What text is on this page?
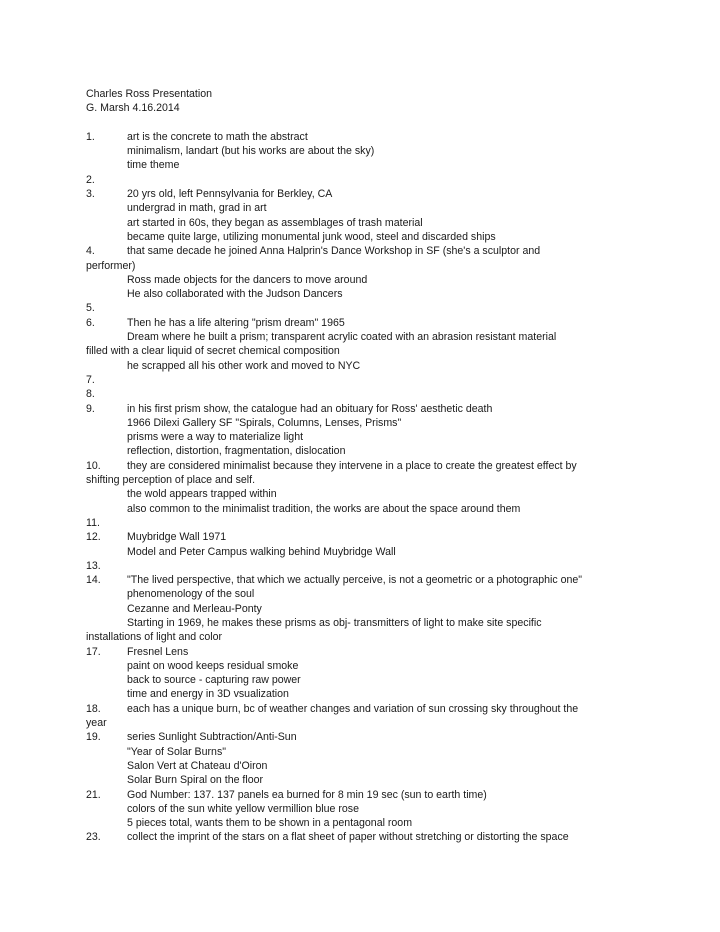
Charles Ross Presentation
G. Marsh 4.16.2014
1.	art is the concrete to math the abstract
minimalism, landart (but his works are about the sky)
time theme
2.
3.	20 yrs old, left Pennsylvania for Berkley, CA
undergrad in math, grad in art
art started in 60s, they began as assemblages of trash material
became quite large, utilizing monumental junk wood, steel and discarded ships
4.	that same decade he joined Anna Halprin's Dance Workshop in SF (she's a sculptor and
performer)
Ross made objects for the dancers to move around
He also collaborated with the Judson Dancers
5.
6.	Then he has a life altering "prism dream" 1965
Dream where he built a prism; transparent acrylic coated with an abrasion resistant material
filled with a clear liquid of secret chemical composition
he scrapped all his other work and moved to NYC
7.
8.
9.	in his first prism show, the catalogue had an obituary for Ross' aesthetic death
1966 Dilexi Gallery SF "Spirals, Columns, Lenses, Prisms"
prisms were a way to materialize light
reflection, distortion, fragmentation, dislocation
10. they are considered minimalist because they intervene in a place to create the greatest effect by
shifting perception of place and self.
the wold appears trapped within
also common to the minimalist tradition, the works are about the space around them
11.
12. Muybridge Wall 1971
Model and Peter Campus walking behind Muybridge Wall
13.
14. "The lived perspective, that which we actually perceive, is not a geometric or a photographic one"
phenomenology of the soul
Cezanne and Merleau-Ponty
Starting in 1969, he makes these prisms as obj- transmitters of light to make site specific
installations of light and color
17. Fresnel Lens
paint on wood keeps residual smoke
back to source - capturing raw power
time and energy in 3D vsualization
18. each has a unique burn, bc of weather changes and variation of sun crossing sky throughout the
year
19. series Sunlight Subtraction/Anti-Sun
"Year of Solar Burns"
Salon Vert at Chateau d'Oiron
Solar Burn Spiral on the floor
21. God Number: 137. 137 panels ea burned for 8 min 19 sec (sun to earth time)
colors of the sun white yellow vermillion blue rose
5 pieces total, wants them to be shown in a pentagonal room
23. collect the imprint of the stars on a flat sheet of paper without stretching or distorting the space
